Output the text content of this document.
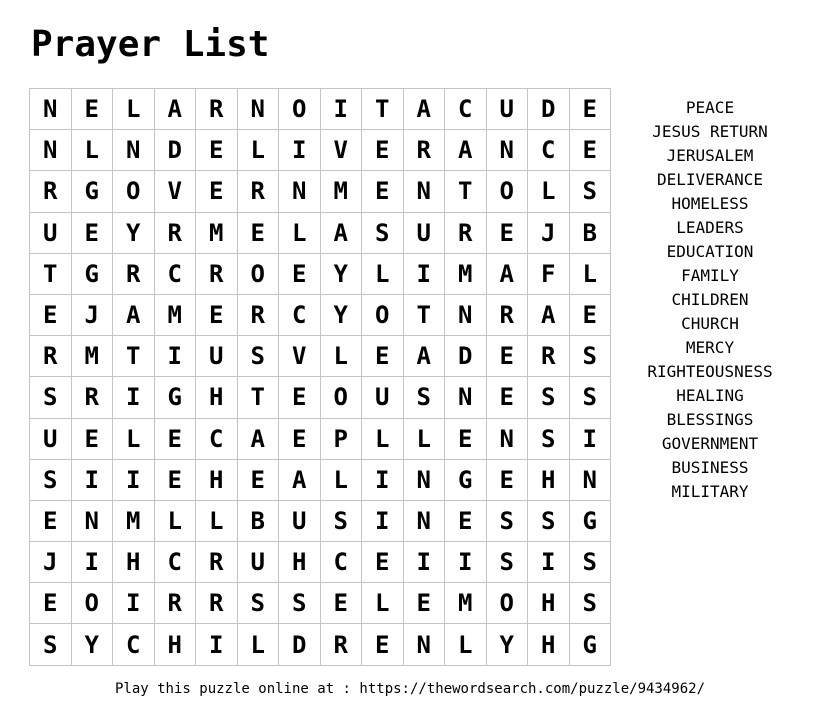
Prayer List
N	E	L	A	R	N	O	I	T	A	C	U	D	E
N	L	N	D	E	L	I	V	E	R	A	N	C	E
R	G	O	V	E	R	N	M	E	N	T	O	L	S
U	E	Y	R	M	E	L	A	S	U	R	E	J	B
T	G	R	C	R	O	E	Y	L	I	M	A	F	L
E	J	A	M	E	R	C	Y	O	T	N	R	A	E
R	M	T	I	U	S	V	L	E	A	D	E	R	S
S	R	I	G	H	T	E	O	U	S	N	E	S	S
U	E	L	E	C	A	E	P	L	L	E	N	S	I
S	I	I	E	H	E	A	L	I	N	G	E	H	N
E	N	M	L	L	B	U	S	I	N	E	S	S	G
J	I	H	C	R	U	H	C	E	I	I	S	I	S
E	O	I	R	R	S	S	E	L	E	M	O	H	S
S	Y	C	H	I	L	D	R	E	N	L	Y	H	G
PEACE
JESUS RETURN
JERUSALEM
DELIVERANCE
HOMELESS
LEADERS
EDUCATION
FAMILY
CHILDREN
CHURCH
MERCY
RIGHTEOUSNESS
HEALING
BLESSINGS
GOVERNMENT
BUSINESS
MILITARY
Play this puzzle online at : https://thewordsearch.com/puzzle/9434962/
